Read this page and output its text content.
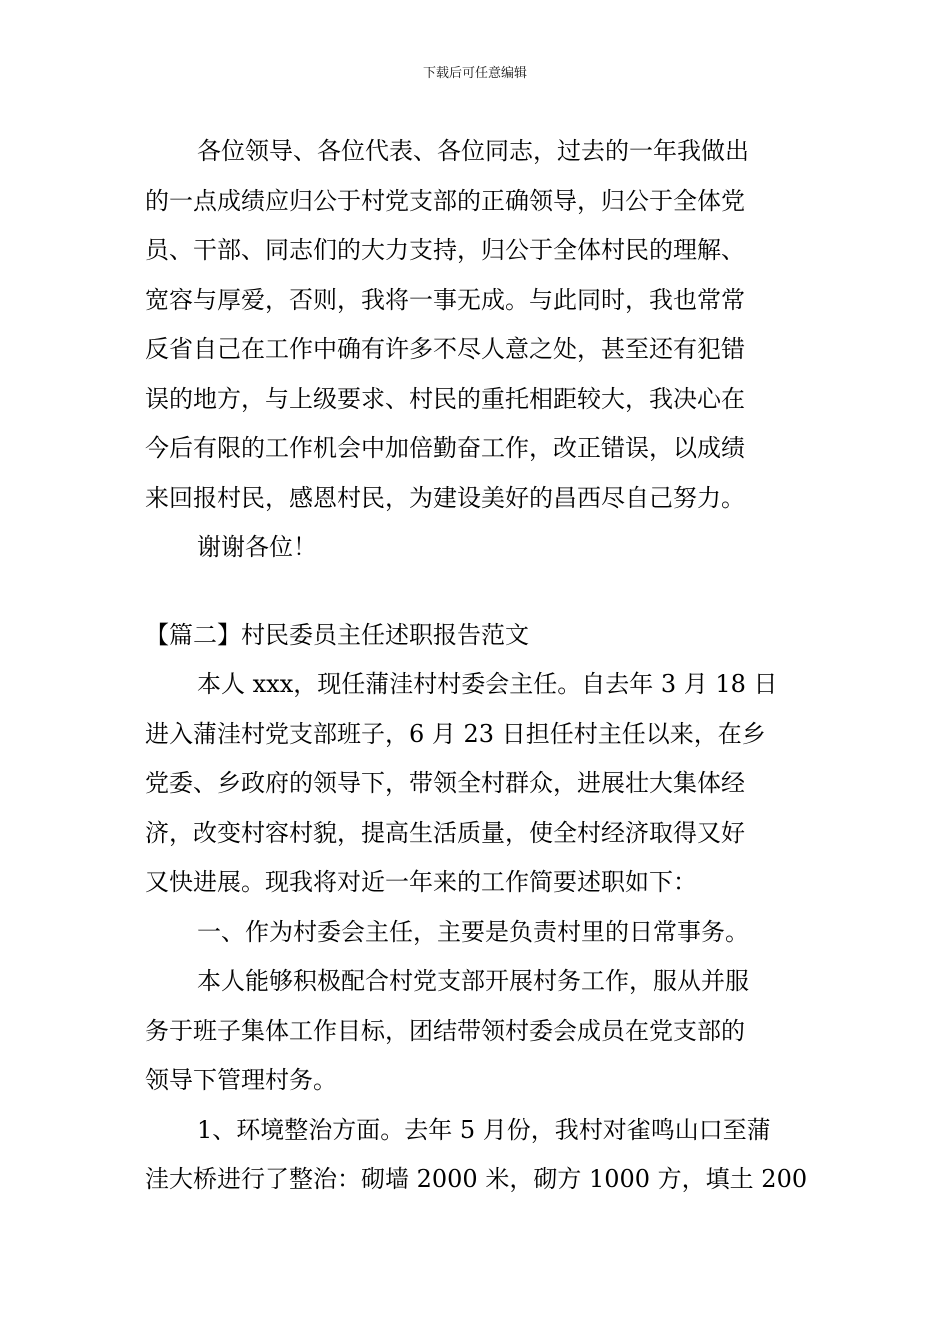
下载后可任意编辑
各位领导、各位代表、各位同志，过去的一年我做出
的一点成绩应归公于村党支部的正确领导，归公于全体党
员、干部、同志们的大力支持，归公于全体村民的理解、
宽容与厚爱，否则，我将一事无成。与此同时，我也常常
反省自己在工作中确有许多不尽人意之处，甚至还有犯错
误的地方，与上级要求、村民的重托相距较大，我决心在
今后有限的工作机会中加倍勤奋工作，改正错误，以成绩
来回报村民，感恩村民，为建设美好的昌西尽自己努力。
谢谢各位！
【篇二】村民委员主任述职报告范文
本人 xxx，现任蒲洼村村委会主任。自去年 3 月 18 日
进入蒲洼村党支部班子，6 月 23 日担任村主任以来，在乡
党委、乡政府的领导下，带领全村群众，进展壮大集体经
济，改变村容村貌，提高生活质量，使全村经济取得又好
又快进展。现我将对近一年来的工作简要述职如下：
一、作为村委会主任，主要是负责村里的日常事务。
本人能够积极配合村党支部开展村务工作，服从并服
务于班子集体工作目标，团结带领村委会成员在党支部的
领导下管理村务。
1、环境整治方面。去年 5 月份，我村对雀鸣山口至蒲
洼大桥进行了整治：砌墙 2000 米，砌方 1000 方，填土 200
